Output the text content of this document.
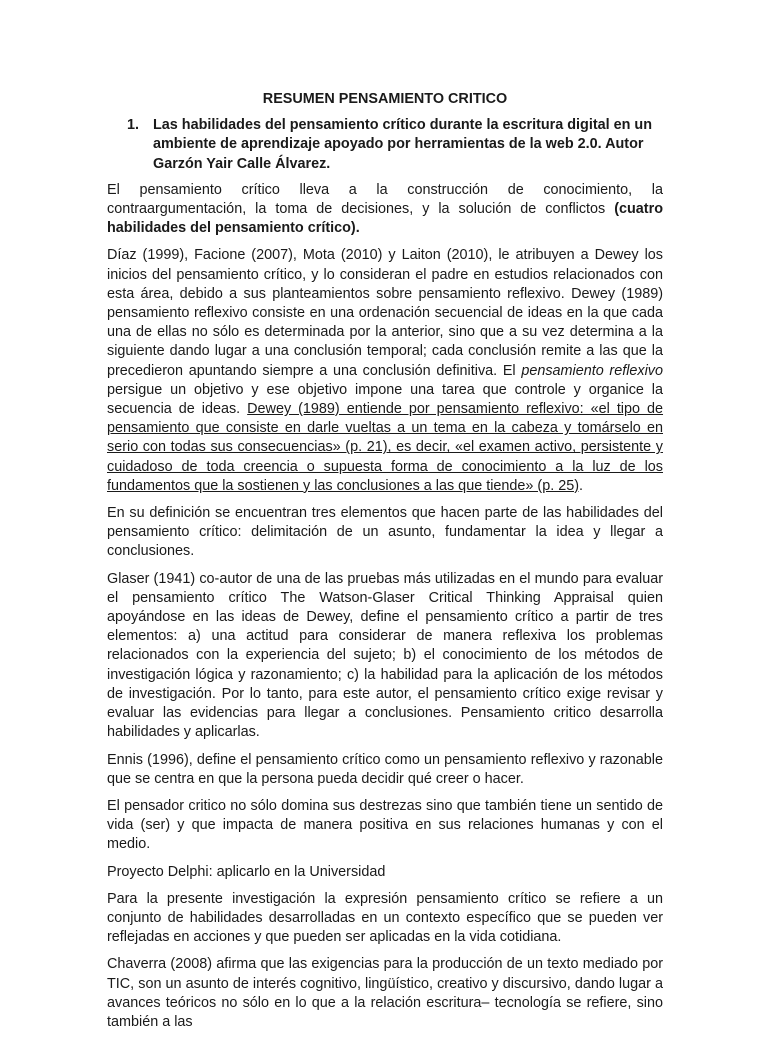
RESUMEN PENSAMIENTO CRITICO
1. Las habilidades del pensamiento crítico durante la escritura digital en un ambiente de aprendizaje apoyado por herramientas de la web 2.0. Autor Garzón Yair Calle Álvarez.

El pensamiento crítico lleva a la construcción de conocimiento, la contraargumentación, la toma de decisiones, y la solución de conflictos (cuatro habilidades del pensamiento crítico).

Díaz (1999), Facione (2007), Mota (2010) y Laiton (2010), le atribuyen a Dewey los inicios del pensamiento crítico, y lo consideran el padre en estudios relacionados con esta área, debido a sus planteamientos sobre pensamiento reflexivo. Dewey (1989) pensamiento reflexivo consiste en una ordenación secuencial de ideas en la que cada una de ellas no sólo es determinada por la anterior, sino que a su vez determina a la siguiente dando lugar a una conclusión temporal; cada conclusión remite a las que la precedieron apuntando siempre a una conclusión definitiva. El pensamiento reflexivo persigue un objetivo y ese objetivo impone una tarea que controle y organice la secuencia de ideas. Dewey (1989) entiende por pensamiento reflexivo: «el tipo de pensamiento que consiste en darle vueltas a un tema en la cabeza y tomárselo en serio con todas sus consecuencias» (p. 21), es decir, «el examen activo, persistente y cuidadoso de toda creencia o supuesta forma de conocimiento a la luz de los fundamentos que la sostienen y las conclusiones a las que tiende» (p. 25).

En su definición se encuentran tres elementos que hacen parte de las habilidades del pensamiento crítico: delimitación de un asunto, fundamentar la idea y llegar a conclusiones.

Glaser (1941) co-autor de una de las pruebas más utilizadas en el mundo para evaluar el pensamiento crítico The Watson-Glaser Critical Thinking Appraisal quien apoyándose en las ideas de Dewey, define el pensamiento crítico a partir de tres elementos: a) una actitud para considerar de manera reflexiva los problemas relacionados con la experiencia del sujeto; b) el conocimiento de los métodos de investigación lógica y razonamiento; c) la habilidad para la aplicación de los métodos de investigación. Por lo tanto, para este autor, el pensamiento crítico exige revisar y evaluar las evidencias para llegar a conclusiones. Pensamiento critico desarrolla habilidades y aplicarlas.

Ennis (1996), define el pensamiento crítico como un pensamiento reflexivo y razonable que se centra en que la persona pueda decidir qué creer o hacer.

El pensador critico no sólo domina sus destrezas sino que también tiene un sentido de vida (ser) y que impacta de manera positiva en sus relaciones humanas y con el medio.

Proyecto Delphi: aplicarlo en la Universidad

Para la presente investigación la expresión pensamiento crítico se refiere a un conjunto de habilidades desarrolladas en un contexto específico que se pueden ver reflejadas en acciones y que pueden ser aplicadas en la vida cotidiana.

Chaverra (2008) afirma que las exigencias para la producción de un texto mediado por TIC, son un asunto de interés cognitivo, lingüístico, creativo y discursivo, dando lugar a avances teóricos no sólo en lo que a la relación escritura– tecnología se refiere, sino también a las
